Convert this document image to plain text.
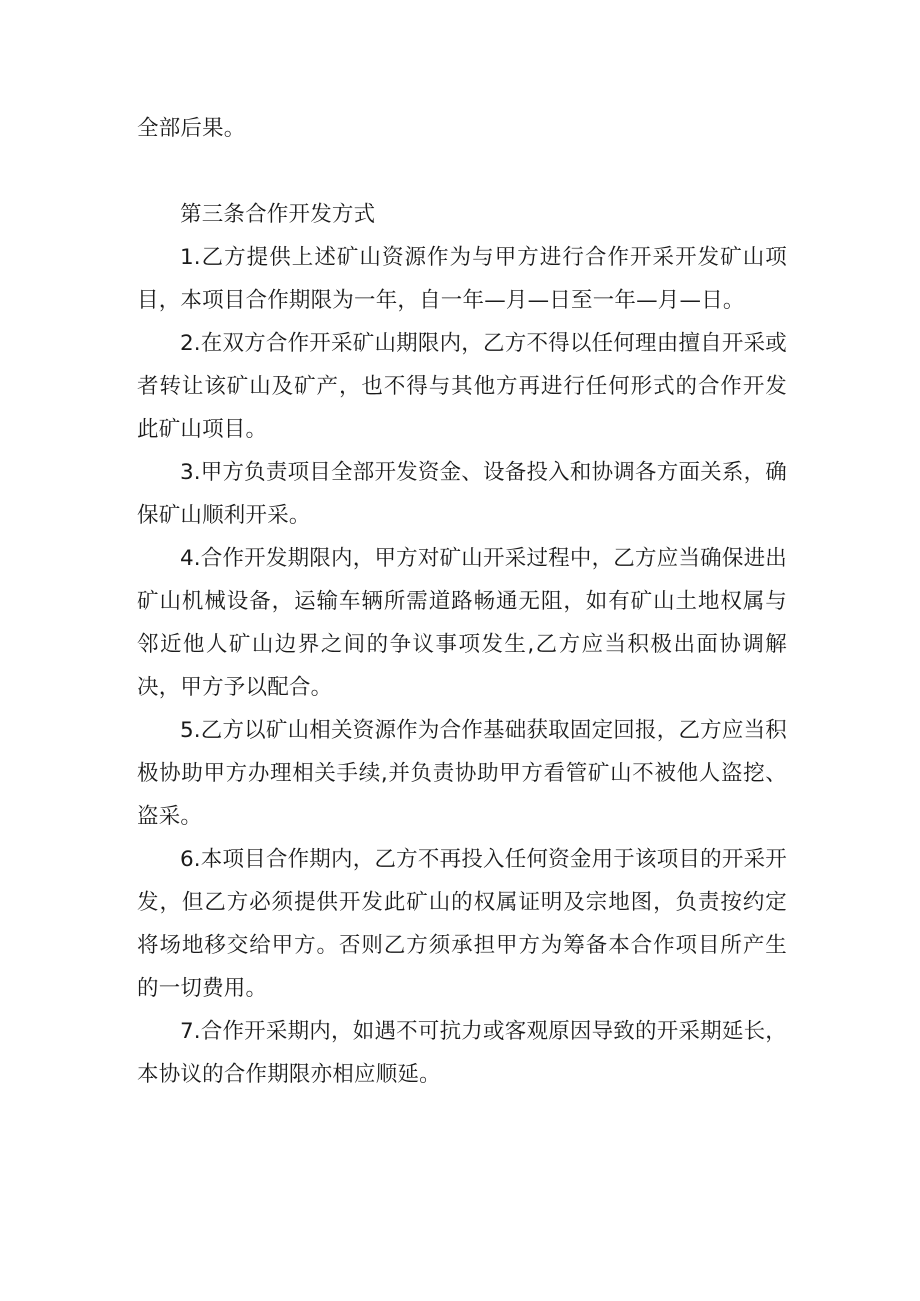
全部后果。

第三条合作开发方式

1.乙方提供上述矿山资源作为与甲方进行合作开采开发矿山项目，本项目合作期限为一年，自一年—月—日至一年—月—日。

2.在双方合作开采矿山期限内，乙方不得以任何理由擅自开采或者转让该矿山及矿产，也不得与其他方再进行任何形式的合作开发此矿山项目。

3.甲方负责项目全部开发资金、设备投入和协调各方面关系，确保矿山顺利开采。

4.合作开发期限内，甲方对矿山开采过程中，乙方应当确保进出矿山机械设备，运输车辆所需道路畅通无阻，如有矿山土地权属与邻近他人矿山边界之间的争议事项发生,乙方应当积极出面协调解决，甲方予以配合。

5.乙方以矿山相关资源作为合作基础获取固定回报，乙方应当积极协助甲方办理相关手续,并负责协助甲方看管矿山不被他人盗挖、盗采。

6.本项目合作期内，乙方不再投入任何资金用于该项目的开采开发，但乙方必须提供开发此矿山的权属证明及宗地图，负责按约定将场地移交给甲方。否则乙方须承担甲方为筹备本合作项目所产生的一切费用。

7.合作开采期内，如遇不可抗力或客观原因导致的开采期延长，本协议的合作期限亦相应顺延。
